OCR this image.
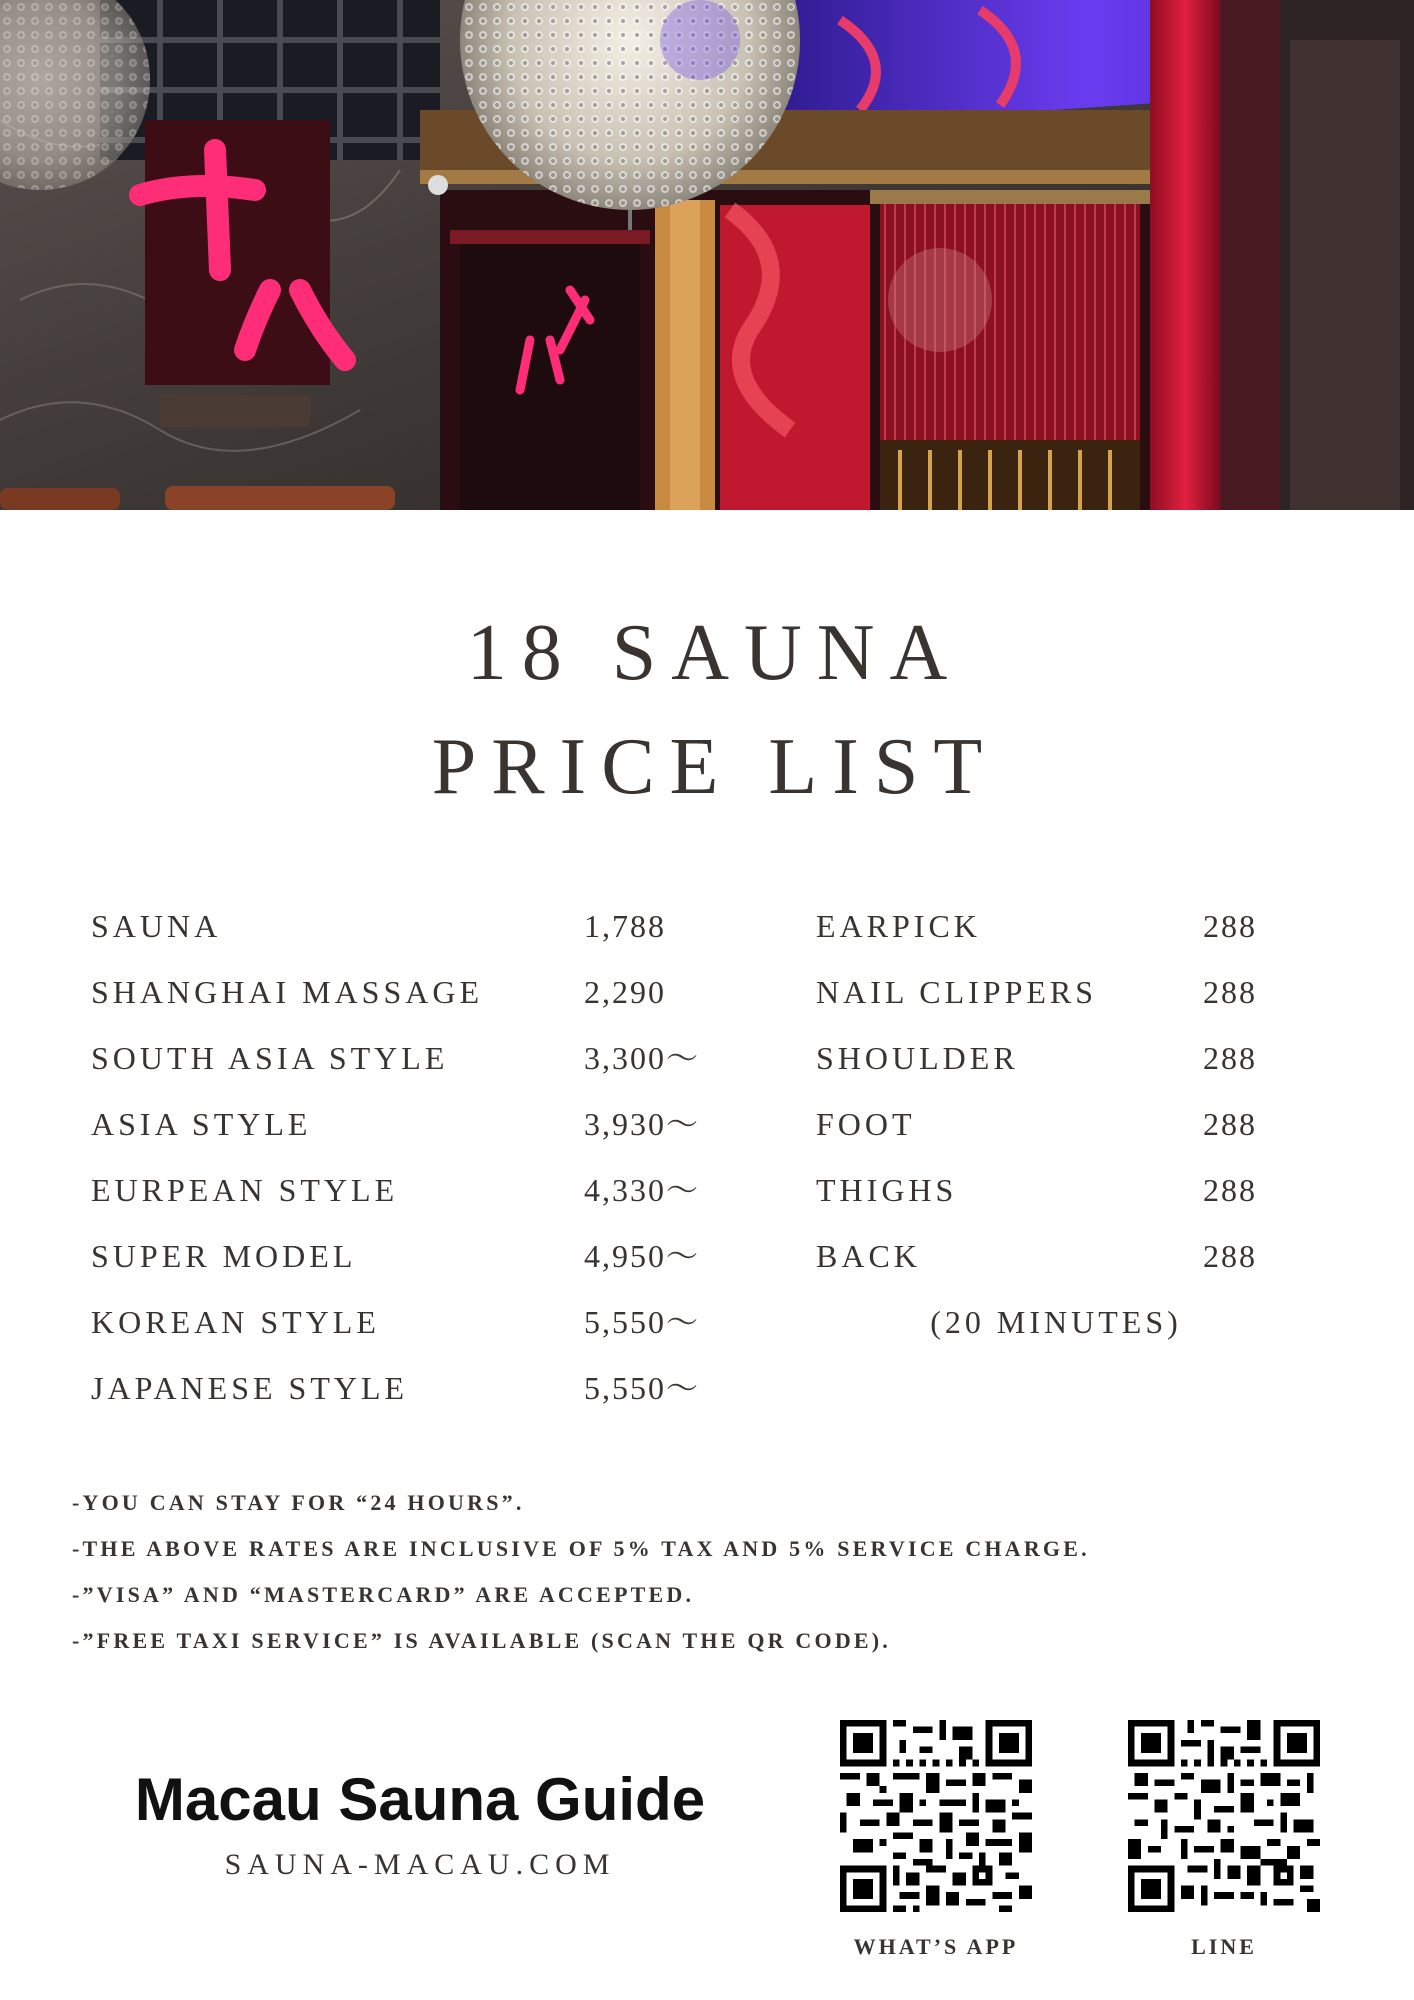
18 SAUNA
PRICE LIST
SAUNA	1,788
SHANGHAI MASSAGE	2,290
SOUTH ASIA STYLE	3,300〜
ASIA STYLE	3,930〜
EURPEAN STYLE	4,330〜
SUPER MODEL	4,950〜
KOREAN STYLE	5,550〜
JAPANESE STYLE	5,550〜
EARPICK	288
NAIL CLIPPERS	288
SHOULDER	288
FOOT	288
THIGHS	288
BACK	288
(20 MINUTES)
-YOU CAN STAY FOR “24 HOURS”.
-THE ABOVE RATES ARE INCLUSIVE OF 5% TAX AND 5% SERVICE CHARGE.
-”VISA” AND “MASTERCARD” ARE ACCEPTED.
-”FREE TAXI SERVICE” IS AVAILABLE (SCAN THE QR CODE).
Macau Sauna Guide
SAUNA-MACAU.COM
WHAT’S APP	LINE
